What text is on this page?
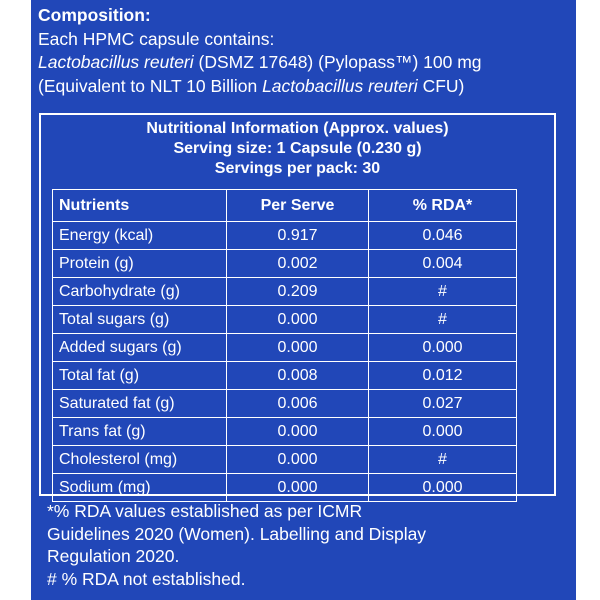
Composition:
Each HPMC capsule contains:
Lactobacillus reuteri (DSMZ 17648) (Pylopass™) 100 mg
(Equivalent to NLT 10 Billion Lactobacillus reuteri CFU)
Nutritional Information (Approx. values)
Serving size: 1 Capsule (0.230 g)
Servings per pack: 30
Nutrients	Per Serve	% RDA*
Energy (kcal)	0.917	0.046
Protein (g)	0.002	0.004
Carbohydrate (g)	0.209	#
Total sugars (g)	0.000	#
Added sugars (g)	0.000	0.000
Total fat (g)	0.008	0.012
Saturated fat (g)	0.006	0.027
Trans fat (g)	0.000	0.000
Cholesterol (mg)	0.000	#
Sodium (mg)	0.000	0.000
*% RDA values established as per ICMR
Guidelines 2020 (Women). Labelling and Display
Regulation 2020.
# % RDA not established.
